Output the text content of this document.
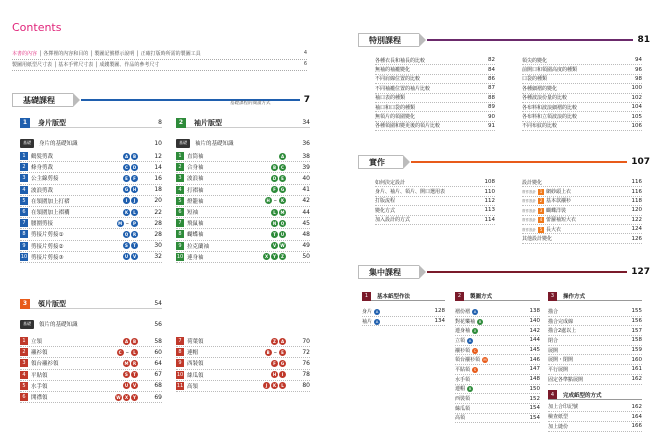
Contents
本書的內容 │ 各擇裡的內容和目的 │ 製圖記號標示說明 │ 正確打版時所需的製圖工具	4
製圖用紙型尺寸表 │ 基本手臂尺寸表 │ 成錢製圖、作品的參考尺寸	6
基礎課程	7
基礎課程的閱讀方式
1	身片版型	8
基礎	身片的基礎知識	10
1 鶴髮剪裁	A	B	12
2 條身剪裁	C	D	14
3 公主線剪接	E	F	16
4 波浪剪裁	G	H	18
5 在領圍加上打褶	I	J	20
6 在領圍加上褶襇	K	L	22
7 腰圍剪接	M ~	P	28
8 剪接片剪接①	Q	R	28
9 剪接片剪接②	S	T	30
10 剪接片剪接③	U	V	32
2	袖片版型	34
基礎	袖片的基礎知識	36
1 直筒袖	A	38
2 合身袖	B	C	39
3 波浪袖	D	E	40
4 打褶袖	F	G	41
5 燈籠袖	H ~ K	42
6 短袖	L	M	44
7 飛鼠袖	N	Q	45
8 蝴蝶袖	T	U	48
9 拉克蘭袖	V	W	49
10 連身袖	X	Y	Z	50
3	領片版型	54
基礎	領片的基礎知識	56
1 立領	A	B	58
2 襯衫領	C	~	L	60
3 領台襯衫領	M	R	64
4 平貼領	S	T	67
5 水手領	U	V	68
6 開襟領	W	X	Y	69
7 荷葉領	Z	A	70
8 連帽	B ~	E	72
9 西裝領	F	G	76
10 絲瓜領	H	I	78
11 高領	J	K	L	80
特別課程	81
各種衣長和袖長的比較	82
無袖的袖襱變化	84
不同肩線位置的比較	86
不同袖襱位置的袖片比較	87
袖口表的種類	88
袖口和口袋的種類	89
無領片的領圍變化	90
各種領圍和變更後的領片比較	91
領尖的變化	94
前開口和領圍高度的種類	96
口袋的種類	98
各種細褶的變化	100
各種波浪份量的比較	102
各布料和波浪細褶的比較	104
各布料和立領波浪的比較	105
不同布紋的比較	106
實作	107
如何決定設計	108
身片、袖片、領片、開口選用表	110
打版流程	112
變化方式	113
加入設計的方式	114
設計變化	116
實作設計 1 網紗頭上衣	116
實作設計 2 基本款襯衫	118
實作設計 3 蝴蝶洋裝	120
實作設計 4 蕾蘿袖短大衣	122
實作設計 5 長大衣	124
其他設計變化	126
集中課程	127
1	基本紙型作法
身片 A	128
袖片 A	134
2	製圖方式
褶份褶 A	138
對花樂袖 B	140
連身袖 X	142
立領 A	144
襯衫領 C	145
領台襯衫領 M	146
平貼領 S	147
水手領	148
連帽 B	150
西裝領	152
絲瓜領	154
高領	154
3	操作方式
描合	155
描合完成線	156
描合2處以上	157
閉合	158
展開	159
展開・閉開	160
平行展開	161
固定各準點展開	162
4	完成紙型的方式
加上合印記號	162
檢查紙型	164
加上縫份	166
